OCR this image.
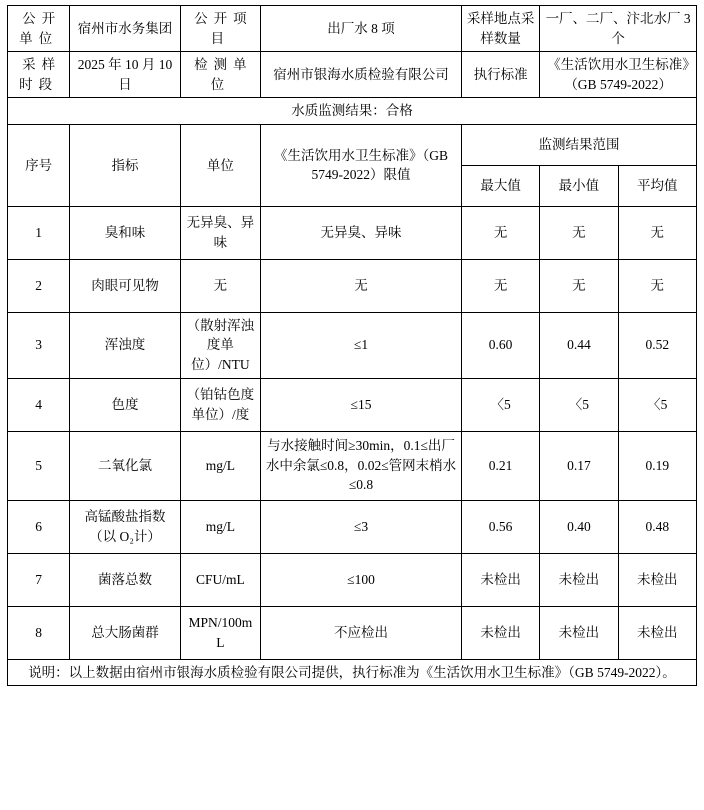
公开单位	宿州市水务集团	公开项目	出厂水 8 项	采样地点采样数量	一厂、二厂、汴北水厂 3 个	
采样时段	2025 年 10 月 10 日	检测单位	宿州市银海水质检验有限公司	执行标准	《生活饮用水卫生标准》（GB 5749-2022）	
水质监测结果：合格						
序号	指标	单位	《生活饮用水卫生标准》（GB 5749-2022）限值	监测结果范围		
				最大值	最小值	平均值
1	臭和味	无异臭、异味	无异臭、异味	无	无	无
2	肉眼可见物	无	无	无	无	无
3	浑浊度	（散射浑浊度单位）/NTU	≤1	0.60	0.44	0.52
4	色度	（铂钴色度单位）/度	≤15	〈5	〈5	〈5
5	二氧化氯	mg/L	与水接触时间≥30min，0.1≤出厂水中余氯≤0.8，0.02≤管网末梢水≤0.8	0.21	0.17	0.19
6	高锰酸盐指数（以 O₂计）	mg/L	≤3	0.56	0.40	0.48
7	菌落总数	CFU/mL	≤100	未检出	未检出	未检出
8	总大肠菌群	MPN/100mL	不应检出	未检出	未检出	未检出
说明：以上数据由宿州市银海水质检验有限公司提供，执行标准为《生活饮用水卫生标准》（GB 5749-2022）。						
